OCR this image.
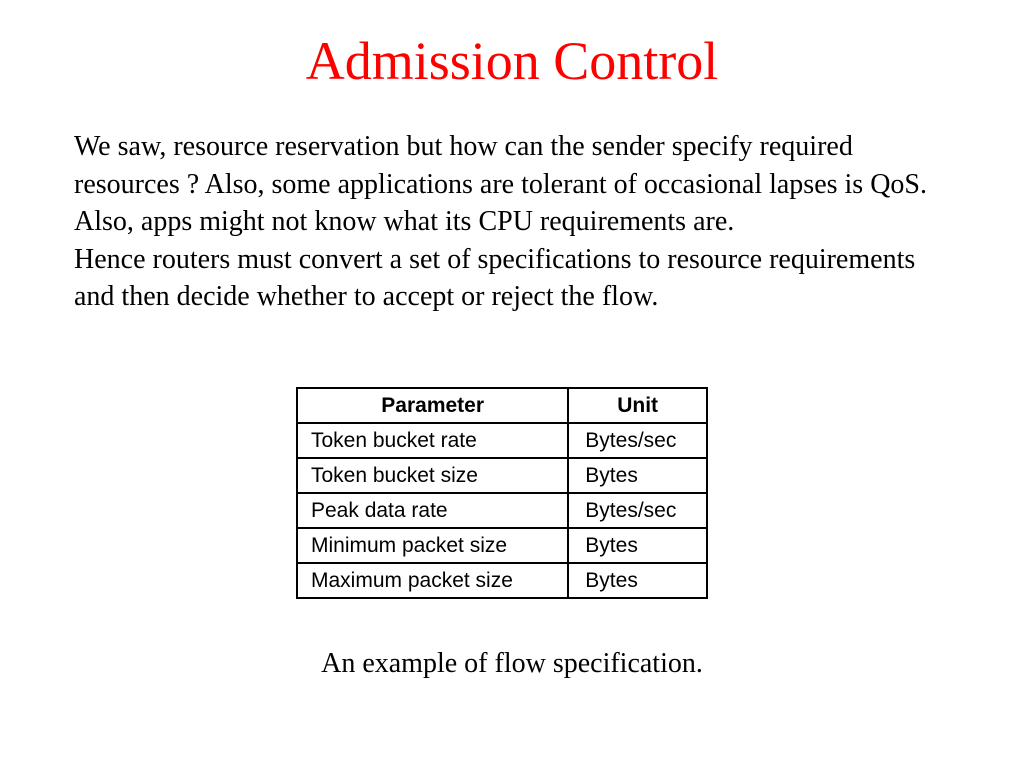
Admission Control
We saw, resource reservation but how can the sender specify required resources ? Also, some applications are tolerant of occasional lapses is QoS. Also, apps might not know what its CPU requirements are.
Hence routers must convert a set of specifications to resource requirements  and then decide whether to accept or reject the flow.
Parameter	Unit
Token bucket rate	Bytes/sec
Token bucket size	Bytes
Peak data rate	Bytes/sec
Minimum packet size	Bytes
Maximum packet size	Bytes
An example of flow specification.
